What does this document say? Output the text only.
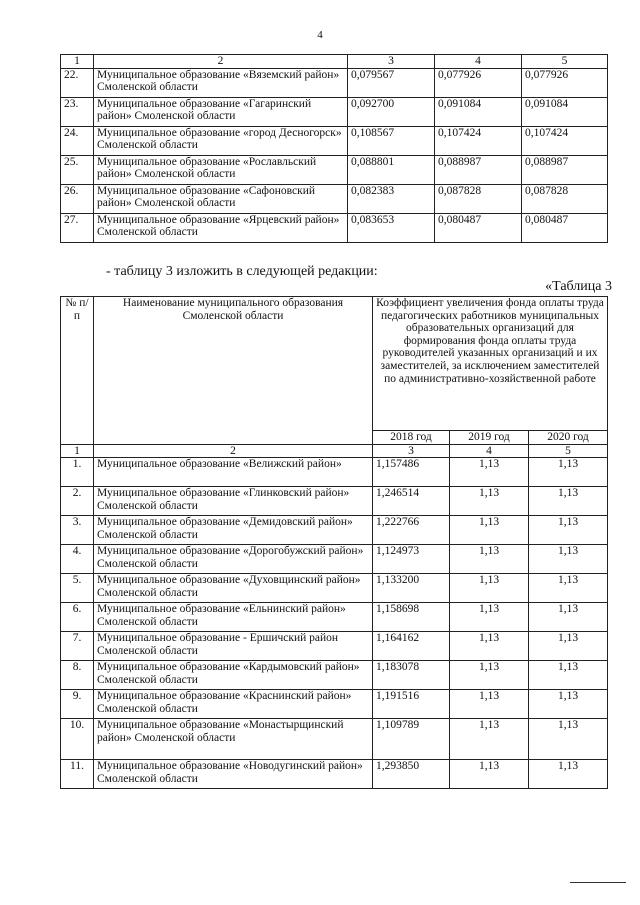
4
1	2	3	4	5
22.	Муниципальное образование «Вяземский район» Смоленской области	0,079567	0,077926	0,077926
23.	Муниципальное образование «Гагаринский район» Смоленской области	0,092700	0,091084	0,091084
24.	Муниципальное образование «город Десногорск» Смоленской области	0,108567	0,107424	0,107424
25.	Муниципальное образование «Рославльский район» Смоленской области	0,088801	0,088987	0,088987
26.	Муниципальное образование «Сафоновский район» Смоленской области	0,082383	0,087828	0,087828
27.	Муниципальное образование «Ярцевский район» Смоленской области	0,083653	0,080487	0,080487
- таблицу 3 изложить в следующей редакции:
«Таблица 3
№ п/п	Наименование муниципального образования Смоленской области	Коэффициент увеличения фонда оплаты труда педагогических работников муниципальных образовательных организаций для формирования фонда оплаты труда руководителей указанных организаций и их заместителей, за исключением заместителей по административно-хозяйственной работе		
		2018 год	2019 год	2020 год
1	2	3	4	5
1.	Муниципальное образование «Велижский район»	1,157486	1,13	1,13
2.	Муниципальное образование «Глинковский район» Смоленской области	1,246514	1,13	1,13
3.	Муниципальное образование «Демидовский район» Смоленской области	1,222766	1,13	1,13
4.	Муниципальное образование «Дорогобужский район» Смоленской области	1,124973	1,13	1,13
5.	Муниципальное образование «Духовщинский район» Смоленской области	1,133200	1,13	1,13
6.	Муниципальное образование «Ельнинский район» Смоленской области	1,158698	1,13	1,13
7.	Муниципальное образование - Ершичский район Смоленской области	1,164162	1,13	1,13
8.	Муниципальное образование «Кардымовский район» Смоленской области	1,183078	1,13	1,13
9.	Муниципальное образование «Краснинский район» Смоленской области	1,191516	1,13	1,13
10.	Муниципальное образование «Монастырщинский район» Смоленской области	1,109789	1,13	1,13
11.	Муниципальное образование «Новодугинский район» Смоленской области	1,293850	1,13	1,13
